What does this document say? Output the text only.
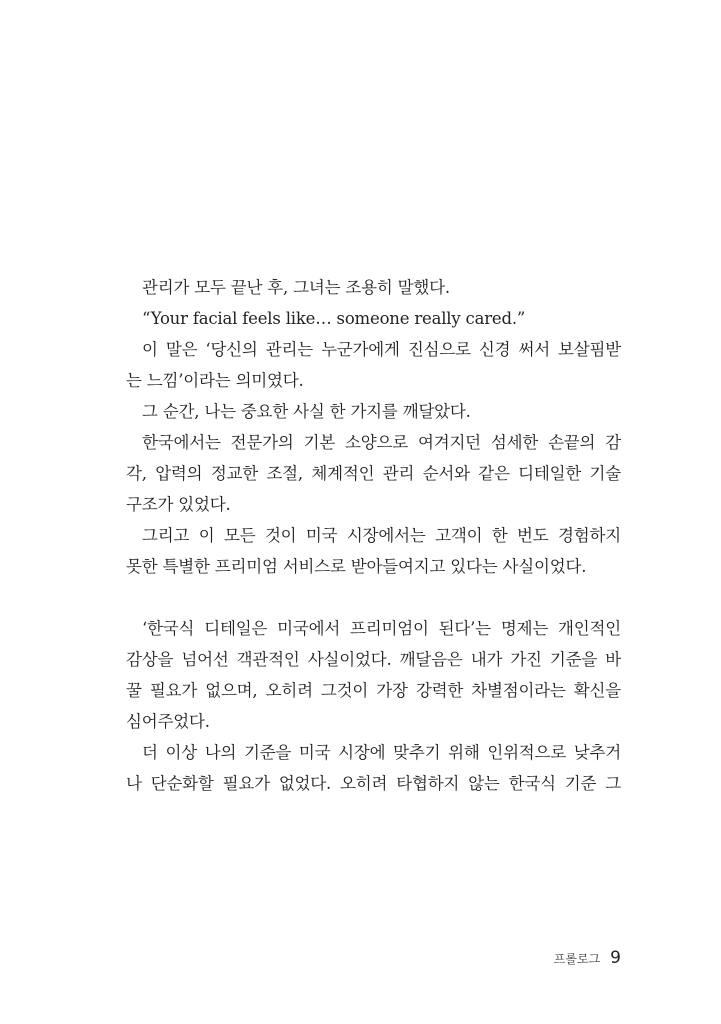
관리가 모두 끝난 후, 그녀는 조용히 말했다.
“Your facial feels like… someone really cared.”
이 말은 ‘당신의 관리는 누군가에게 진심으로 신경 써서 보살핌받
는 느낌’이라는 의미였다.
그 순간, 나는 중요한 사실 한 가지를 깨달았다.
한국에서는 전문가의 기본 소양으로 여겨지던 섬세한 손끝의 감
각, 압력의 정교한 조절, 체계적인 관리 순서와 같은 디테일한 기술
구조가 있었다.
그리고 이 모든 것이 미국 시장에서는 고객이 한 번도 경험하지
못한 특별한 프리미엄 서비스로 받아들여지고 있다는 사실이었다.
‘한국식 디테일은 미국에서 프리미엄이 된다’는 명제는 개인적인
감상을 넘어선 객관적인 사실이었다. 깨달음은 내가 가진 기준을 바
꿀 필요가 없으며, 오히려 그것이 가장 강력한 차별점이라는 확신을
심어주었다.
더 이상 나의 기준을 미국 시장에 맞추기 위해 인위적으로 낮추거
나 단순화할 필요가 없었다. 오히려 타협하지 않는 한국식 기준 그
프롤로그 9
